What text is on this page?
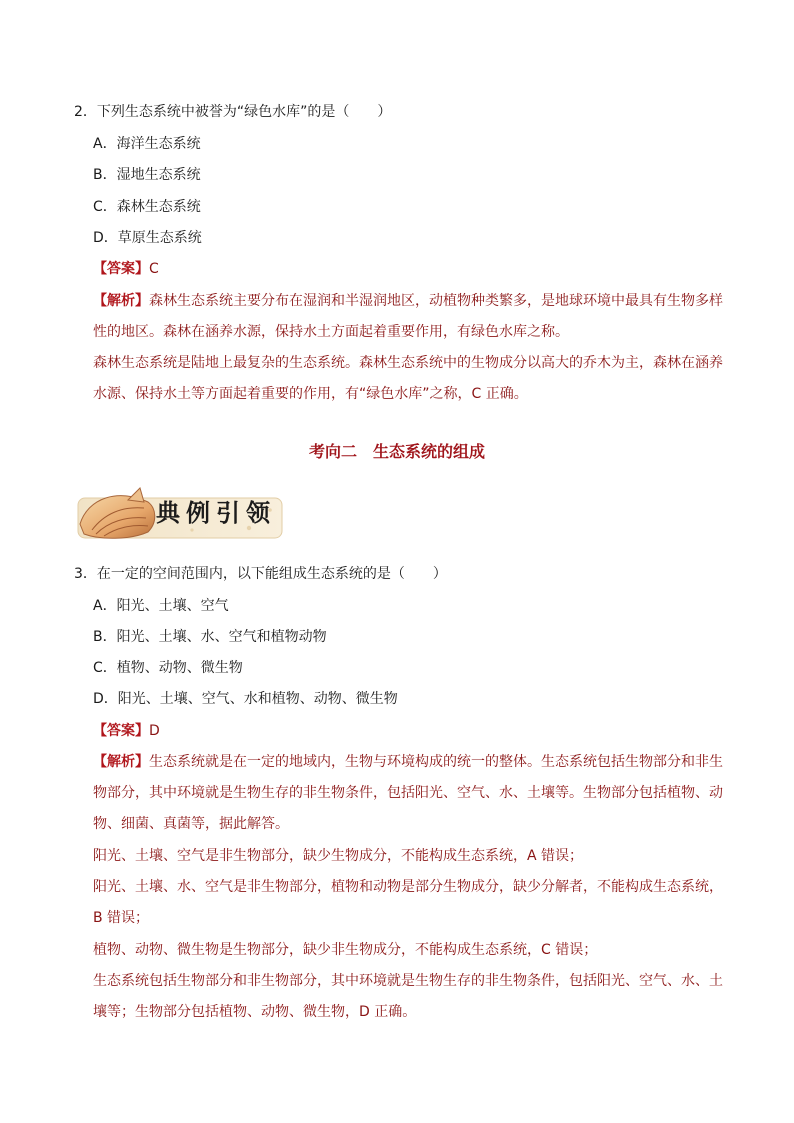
2．下列生态系统中被誉为“绿色水库”的是（　　）
A．海洋生态系统
B．湿地生态系统
C．森林生态系统
D．草原生态系统
【答案】C
【解析】森林生态系统主要分布在湿润和半湿润地区，动植物种类繁多，是地球环境中最具有生物多样
性的地区。森林在涵养水源，保持水土方面起着重要作用，有绿色水库之称。
森林生态系统是陆地上最复杂的生态系统。森林生态系统中的生物成分以高大的乔木为主，森林在涵养
水源、保持水土等方面起着重要的作用，有“绿色水库”之称，C 正确。
考向二　生态系统的组成
典例引领
3．在一定的空间范围内，以下能组成生态系统的是（　　）
A．阳光、土壤、空气
B．阳光、土壤、水、空气和植物动物
C．植物、动物、微生物
D．阳光、土壤、空气、水和植物、动物、微生物
【答案】D
【解析】生态系统就是在一定的地域内，生物与环境构成的统一的整体。生态系统包括生物部分和非生
物部分，其中环境就是生物生存的非生物条件，包括阳光、空气、水、土壤等。生物部分包括植物、动
物、细菌、真菌等，据此解答。
阳光、土壤、空气是非生物部分，缺少生物成分，不能构成生态系统，A 错误；
阳光、土壤、水、空气是非生物部分，植物和动物是部分生物成分，缺少分解者，不能构成生态系统，
B 错误；
植物、动物、微生物是生物部分，缺少非生物成分，不能构成生态系统，C 错误；
生态系统包括生物部分和非生物部分，其中环境就是生物生存的非生物条件，包括阳光、空气、水、土
壤等；生物部分包括植物、动物、微生物，D 正确。
